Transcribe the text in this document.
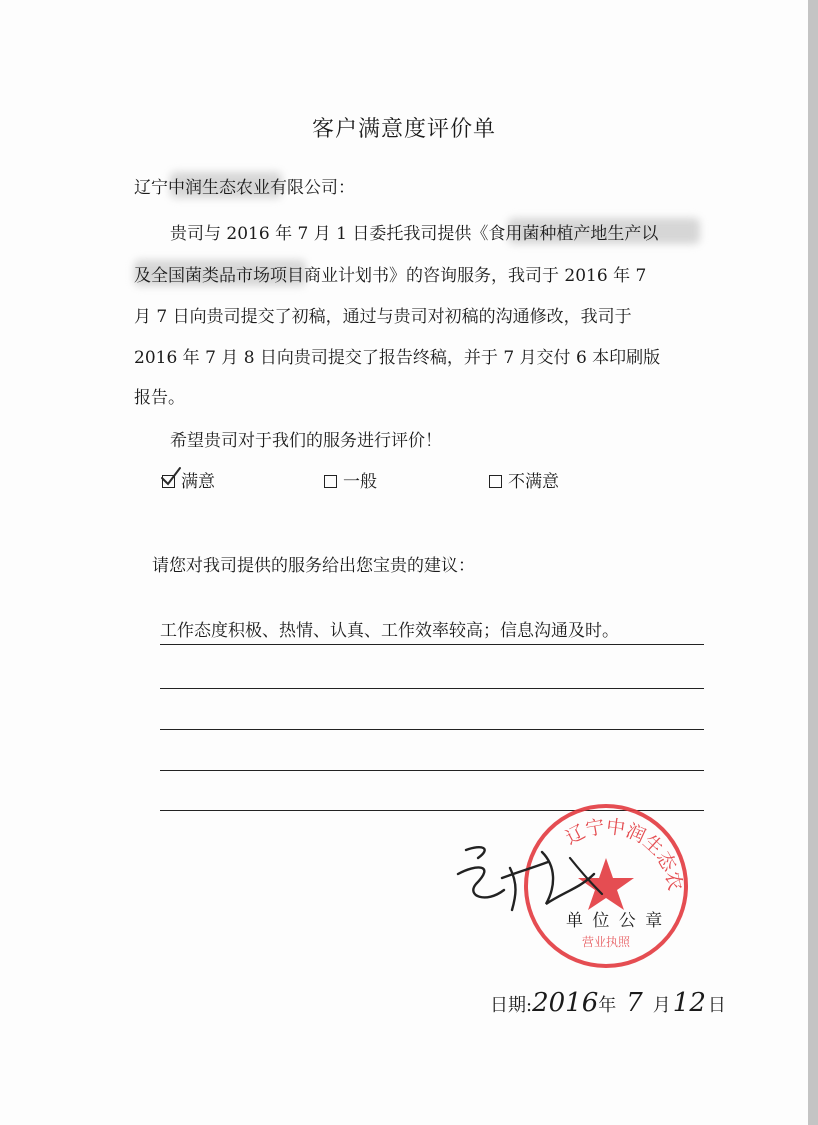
客户满意度评价单
辽宁中润生态农业有限公司：
贵司与 2016 年 7 月 1 日委托我司提供《食用菌种植产地生产以
及全国菌类品市场项目商业计划书》的咨询服务，我司于 2016 年 7
月 7 日向贵司提交了初稿，通过与贵司对初稿的沟通修改，我司于
2016 年 7 月 8 日向贵司提交了报告终稿，并于 7 月交付 6 本印刷版
报告。
希望贵司对于我们的服务进行评价！
满意	一般	不满意
请您对我司提供的服务给出您宝贵的建议：
工作态度积极、热情、认真、工作效率较高；信息沟通及时。
辽宁中润生态农
营业执照
单 位 公 章
日期:2016年 7 月12 日
